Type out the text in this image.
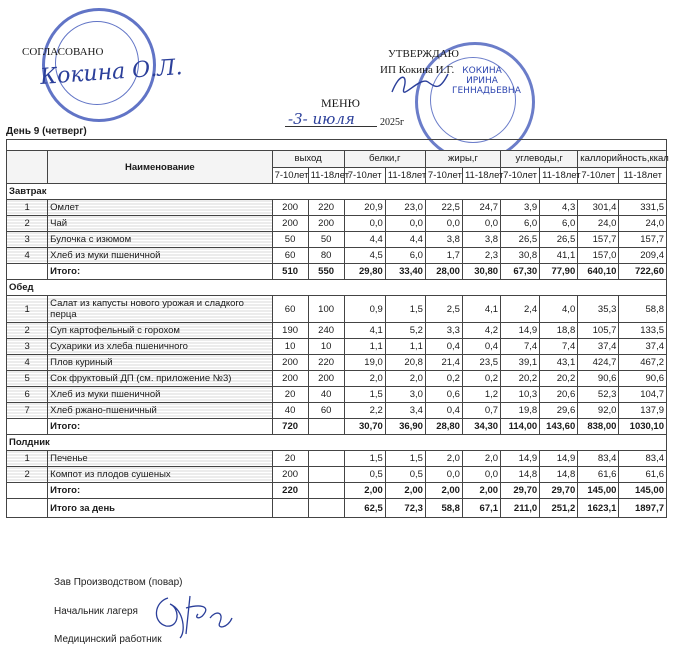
Кокина О.Л.
СОГЛАСОВАНО
КОКИНА ИРИНА ГЕННАДЬЕВНА
УТВЕРЖДАЮ
ИП Кокина И.Г.
МЕНЮ
-3- июля	2025г
День 9 (четверг)

	Наименование	выход		белки,г		жиры,г		углеводы,г		каллорийность,ккал	
		7-10лет	11-18лет	7-10лет	11-18лет	7-10лет	11-18лет	7-10лет	11-18лет	7-10лет	11-18лет
Завтрак											
1	Омлет	200	220	20,9	23,0	22,5	24,7	3,9	4,3	301,4	331,5
2	Чай	200	200	0,0	0,0	0,0	0,0	6,0	6,0	24,0	24,0
3	Булочка с изюмом	50	50	4,4	4,4	3,8	3,8	26,5	26,5	157,7	157,7
4	Хлеб из муки пшеничной	60	80	4,5	6,0	1,7	2,3	30,8	41,1	157,0	209,4
	Итого:	510	550	29,80	33,40	28,00	30,80	67,30	77,90	640,10	722,60
Обед											
1	Салат из капусты нового урожая и сладкого перца	60	100	0,9	1,5	2,5	4,1	2,4	4,0	35,3	58,8
2	Суп картофельный с горохом	190	240	4,1	5,2	3,3	4,2	14,9	18,8	105,7	133,5
3	Сухарики из хлеба пшеничного	10	10	1,1	1,1	0,4	0,4	7,4	7,4	37,4	37,4
4	Плов куриный	200	220	19,0	20,8	21,4	23,5	39,1	43,1	424,7	467,2
5	Сок фруктовый ДП (см. приложение №3)	200	200	2,0	2,0	0,2	0,2	20,2	20,2	90,6	90,6
6	Хлеб из муки пшеничной	20	40	1,5	3,0	0,6	1,2	10,3	20,6	52,3	104,7
7	Хлеб ржано-пшеничный	40	60	2,2	3,4	0,4	0,7	19,8	29,6	92,0	137,9
	Итого:	720		30,70	36,90	28,80	34,30	114,00	143,60	838,00	1030,10
Полдник											
1	Печенье	20		1,5	1,5	2,0	2,0	14,9	14,9	83,4	83,4
2	Компот из плодов сушеных	200		0,5	0,5	0,0	0,0	14,8	14,8	61,6	61,6
	Итого:	220		2,00	2,00	2,00	2,00	29,70	29,70	145,00	145,00
	Итого за день			62,5	72,3	58,8	67,1	211,0	251,2	1623,1	1897,7
Зав Производством (повар)
Начальник лагеря
Медицинский работник
